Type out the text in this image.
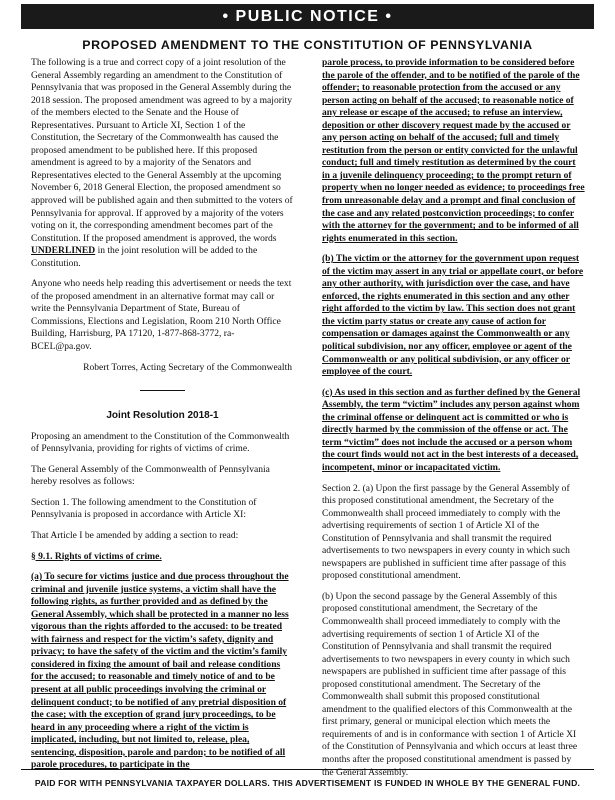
• PUBLIC NOTICE •
PROPOSED AMENDMENT TO THE CONSTITUTION OF PENNSYLVANIA

The following is a true and correct copy of a joint resolution of the General Assembly regarding an amendment to the Constitution of Pennsylvania that was proposed in the General Assembly during the 2018 session. The proposed amendment was agreed to by a majority of the members elected to the Senate and the House of Representatives. Pursuant to Article XI, Section 1 of the Constitution, the Secretary of the Commonwealth has caused the proposed amendment to be published here. If this proposed amendment is agreed to by a majority of the Senators and Representatives elected to the General Assembly at the upcoming November 6, 2018 General Election, the proposed amendment so approved will be published again and then submitted to the voters of Pennsylvania for approval. If approved by a majority of the voters voting on it, the corresponding amendment becomes part of the Constitution. If the proposed amendment is approved, the words UNDERLINED in the joint resolution will be added to the Constitution.

Anyone who needs help reading this advertisement or needs the text of the proposed amendment in an alternative format may call or write the Pennsylvania Department of State, Bureau of Commissions, Elections and Legislation, Room 210 North Office Building, Harrisburg, PA 17120, 1-877-868-3772, ra-BCEL@pa.gov.

Robert Torres, Acting Secretary of the Commonwealth

Joint Resolution 2018-1

Proposing an amendment to the Constitution of the Commonwealth of Pennsylvania, providing for rights of victims of crime.

The General Assembly of the Commonwealth of Pennsylvania hereby resolves as follows:

Section 1. The following amendment to the Constitution of Pennsylvania is proposed in accordance with Article XI:

That Article I be amended by adding a section to read:

§ 9.1. Rights of victims of crime.

(a) To secure for victims justice and due process throughout the criminal and juvenile justice systems, a victim shall have the following rights, as further provided and as defined by the General Assembly, which shall be protected in a manner no less vigorous than the rights afforded to the accused: to be treated with fairness and respect for the victim’s safety, dignity and privacy; to have the safety of the victim and the victim’s family considered in fixing the amount of bail and release conditions for the accused; to reasonable and timely notice of and to be present at all public proceedings involving the criminal or delinquent conduct; to be notified of any pretrial disposition of the case; with the exception of grand jury proceedings, to be heard in any proceeding where a right of the victim is implicated, including, but not limited to, release, plea, sentencing, disposition, parole and pardon; to be notified of all parole procedures, to participate in the

parole process, to provide information to be considered before the parole of the offender, and to be notified of the parole of the offender; to reasonable protection from the accused or any person acting on behalf of the accused; to reasonable notice of any release or escape of the accused; to refuse an interview, deposition or other discovery request made by the accused or any person acting on behalf of the accused; full and timely restitution from the person or entity convicted for the unlawful conduct; full and timely restitution as determined by the court in a juvenile delinquency proceeding; to the prompt return of property when no longer needed as evidence; to proceedings free from unreasonable delay and a prompt and final conclusion of the case and any related postconviction proceedings; to confer with the attorney for the government; and to be informed of all rights enumerated in this section.

(b) The victim or the attorney for the government upon request of the victim may assert in any trial or appellate court, or before any other authority, with jurisdiction over the case, and have enforced, the rights enumerated in this section and any other right afforded to the victim by law. This section does not grant the victim party status or create any cause of action for compensation or damages against the Commonwealth or any political subdivision, nor any officer, employee or agent of the Commonwealth or any political subdivision, or any officer or employee of the court.

(c) As used in this section and as further defined by the General Assembly, the term “victim” includes any person against whom the criminal offense or delinquent act is committed or who is directly harmed by the commission of the offense or act. The term “victim” does not include the accused or a person whom the court finds would not act in the best interests of a deceased, incompetent, minor or incapacitated victim.

Section 2. (a) Upon the first passage by the General Assembly of this proposed constitutional amendment, the Secretary of the Commonwealth shall proceed immediately to comply with the advertising requirements of section 1 of Article XI of the Constitution of Pennsylvania and shall transmit the required advertisements to two newspapers in every county in which such newspapers are published in sufficient time after passage of this proposed constitutional amendment.

(b) Upon the second passage by the General Assembly of this proposed constitutional amendment, the Secretary of the Commonwealth shall proceed immediately to comply with the advertising requirements of section 1 of Article XI of the Constitution of Pennsylvania and shall transmit the required advertisements to two newspapers in every county in which such newspapers are published in sufficient time after passage of this proposed constitutional amendment. The Secretary of the Commonwealth shall submit this proposed constitutional amendment to the qualified electors of this Commonwealth at the first primary, general or municipal election which meets the requirements of and is in conformance with section 1 of Article XI of the Constitution of Pennsylvania and which occurs at least three months after the proposed constitutional amendment is passed by the General Assembly.

PAID FOR WITH PENNSYLVANIA TAXPAYER DOLLARS. THIS ADVERTISEMENT IS FUNDED IN WHOLE BY THE GENERAL FUND.
